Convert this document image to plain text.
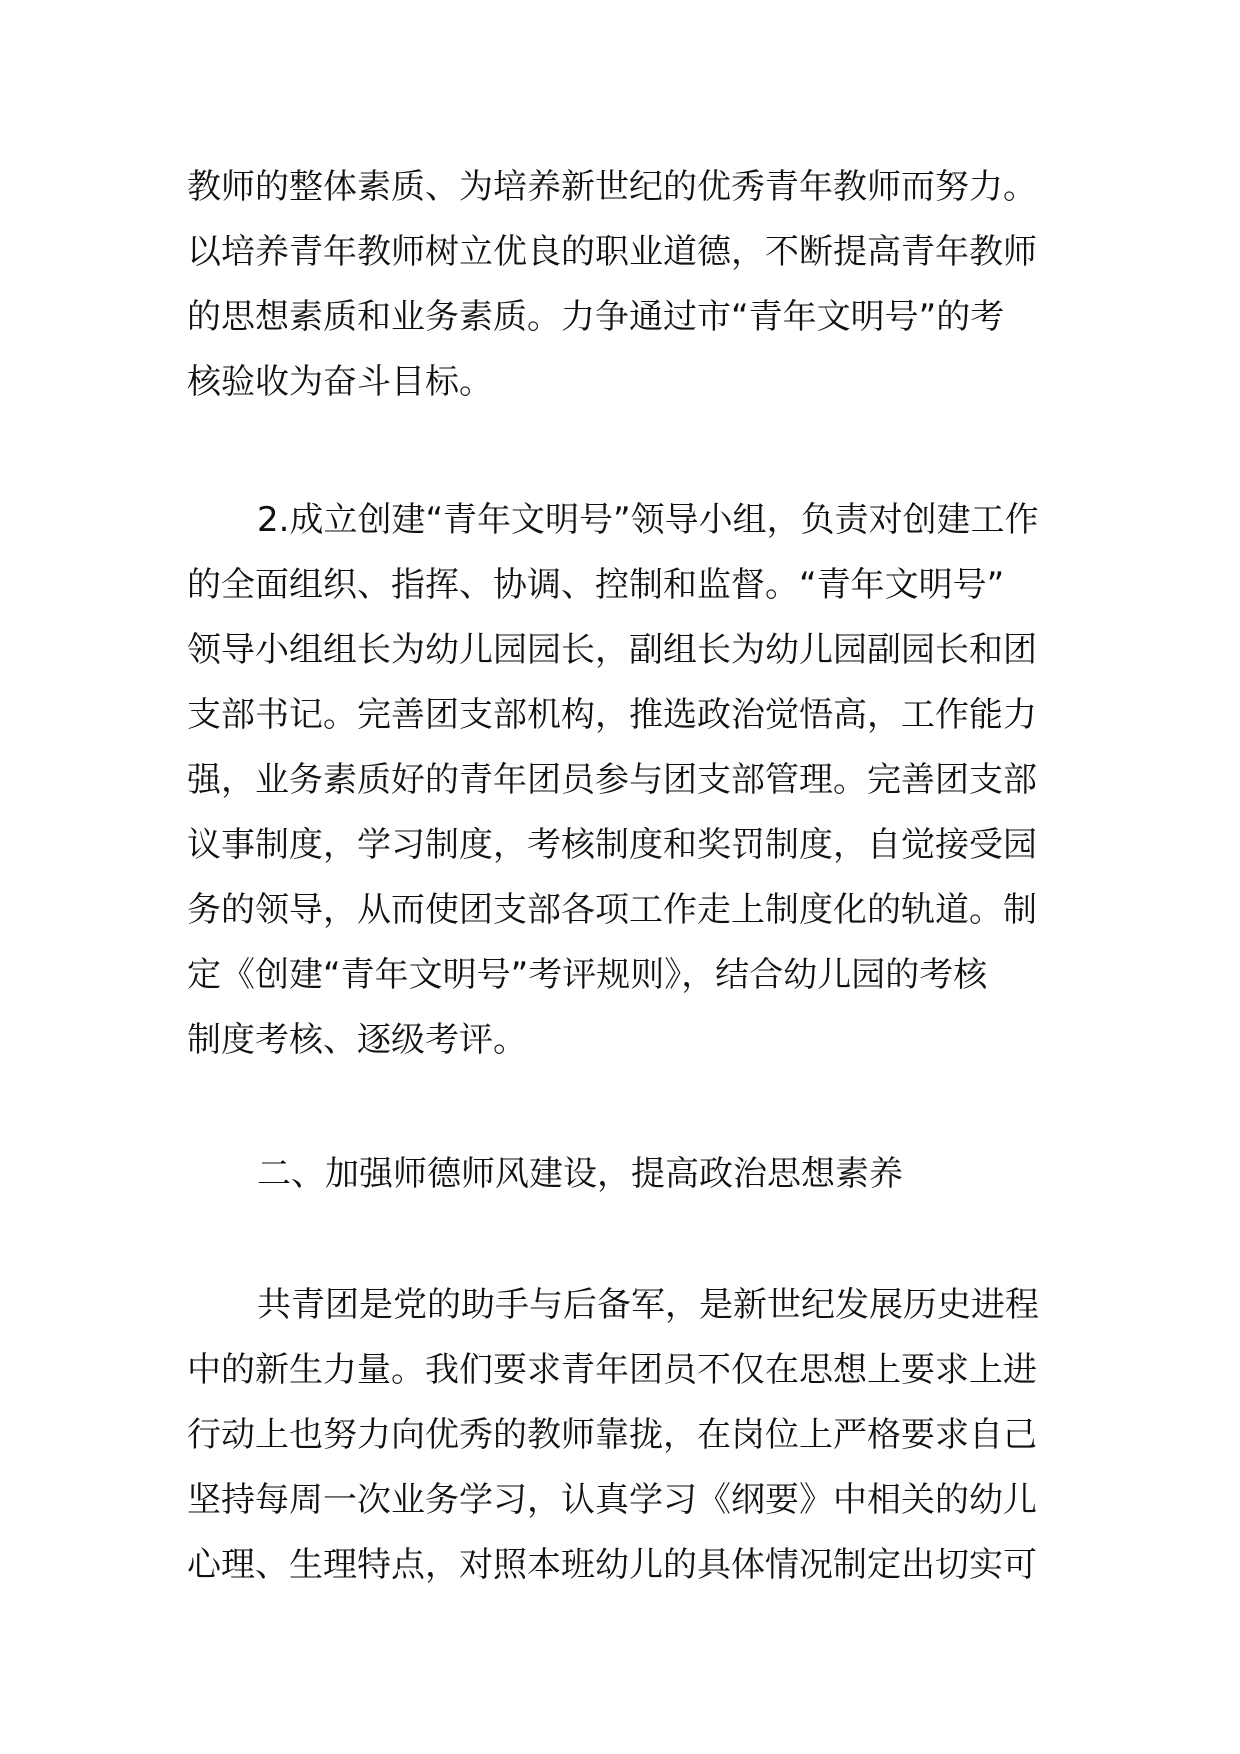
教师的整体素质、为培养新世纪的优秀青年教师而努力。
以培养青年教师树立优良的职业道德，不断提高青年教师
的思想素质和业务素质。力争通过市“青年文明号”的考
核验收为奋斗目标。
2.成立创建“青年文明号”领导小组，负责对创建工作
的全面组织、指挥、协调、控制和监督。“青年文明号”
领导小组组长为幼儿园园长，副组长为幼儿园副园长和团
支部书记。完善团支部机构，推选政治觉悟高，工作能力
强，业务素质好的青年团员参与团支部管理。完善团支部
议事制度，学习制度，考核制度和奖罚制度，自觉接受园
务的领导，从而使团支部各项工作走上制度化的轨道。制
定《创建“青年文明号”考评规则》，结合幼儿园的考核
制度考核、逐级考评。
二、加强师德师风建设，提高政治思想素养
共青团是党的助手与后备军，是新世纪发展历史进程
中的新生力量。我们要求青年团员不仅在思想上要求上进
行动上也努力向优秀的教师靠拢，在岗位上严格要求自己
坚持每周一次业务学习，认真学习《纲要》中相关的幼儿
心理、生理特点，对照本班幼儿的具体情况制定出切实可
